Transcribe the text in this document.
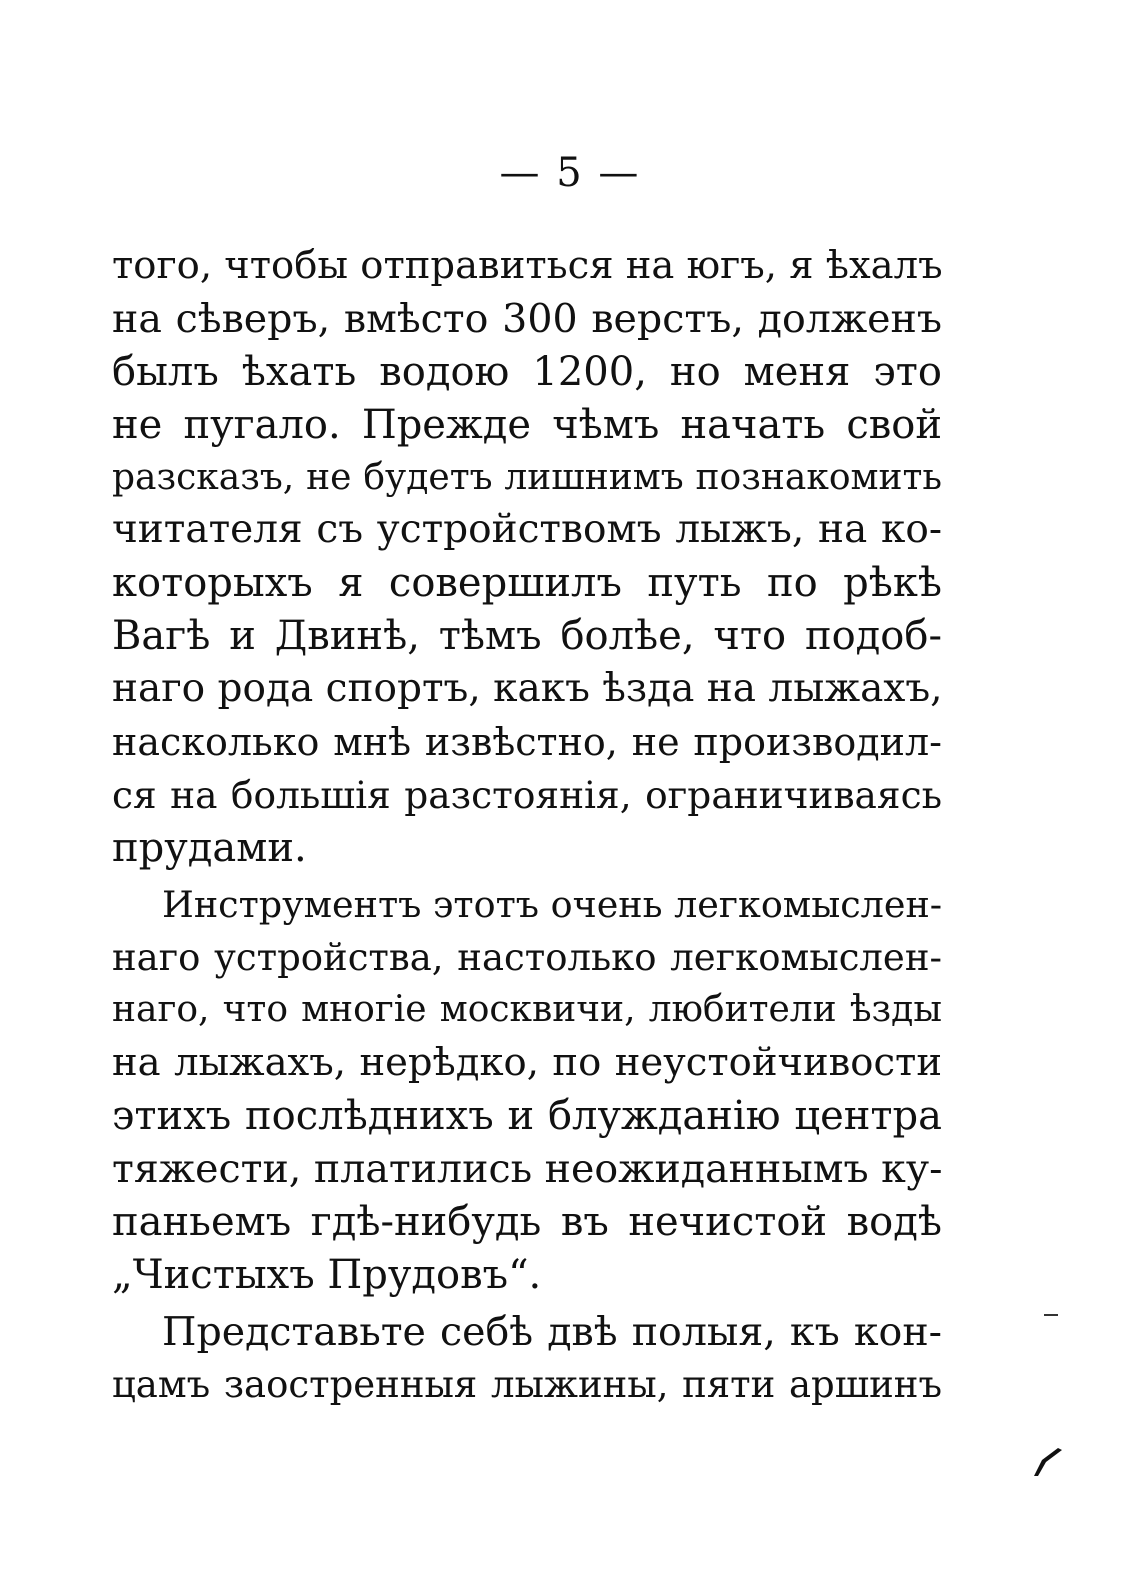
— 5 —
того, чтобы отправиться на югъ, я ѣхалъ
на сѣверъ, вмѣсто 300 верстъ, долженъ
былъ ѣхать водою 1200, но меня это
не пугало. Прежде чѣмъ начать свой
разсказъ, не будетъ лишнимъ познакомить
читателя съ устройствомъ лыжъ, на ко-
которыхъ я совершилъ путь по рѣкѣ
Вагѣ и Двинѣ, тѣмъ болѣе, что подоб-
наго рода спортъ, какъ ѣзда на лыжахъ,
насколько мнѣ извѣстно, не производил-
ся на большія разстоянія, ограничиваясь
прудами.
Инструментъ этотъ очень легкомыслен-
наго устройства, настолько легкомыслен-
наго, что многіе москвичи, любители ѣзды
на лыжахъ, нерѣдко, по неустойчивости
этихъ послѣднихъ и блужданію центра
тяжести, платились неожиданнымъ ку-
паньемъ гдѣ-нибудь въ нечистой водѣ
„Чистыхъ Прудовъ“.
Представьте себѣ двѣ полыя, къ кон-
цамъ заостренныя лыжины, пяти аршинъ
